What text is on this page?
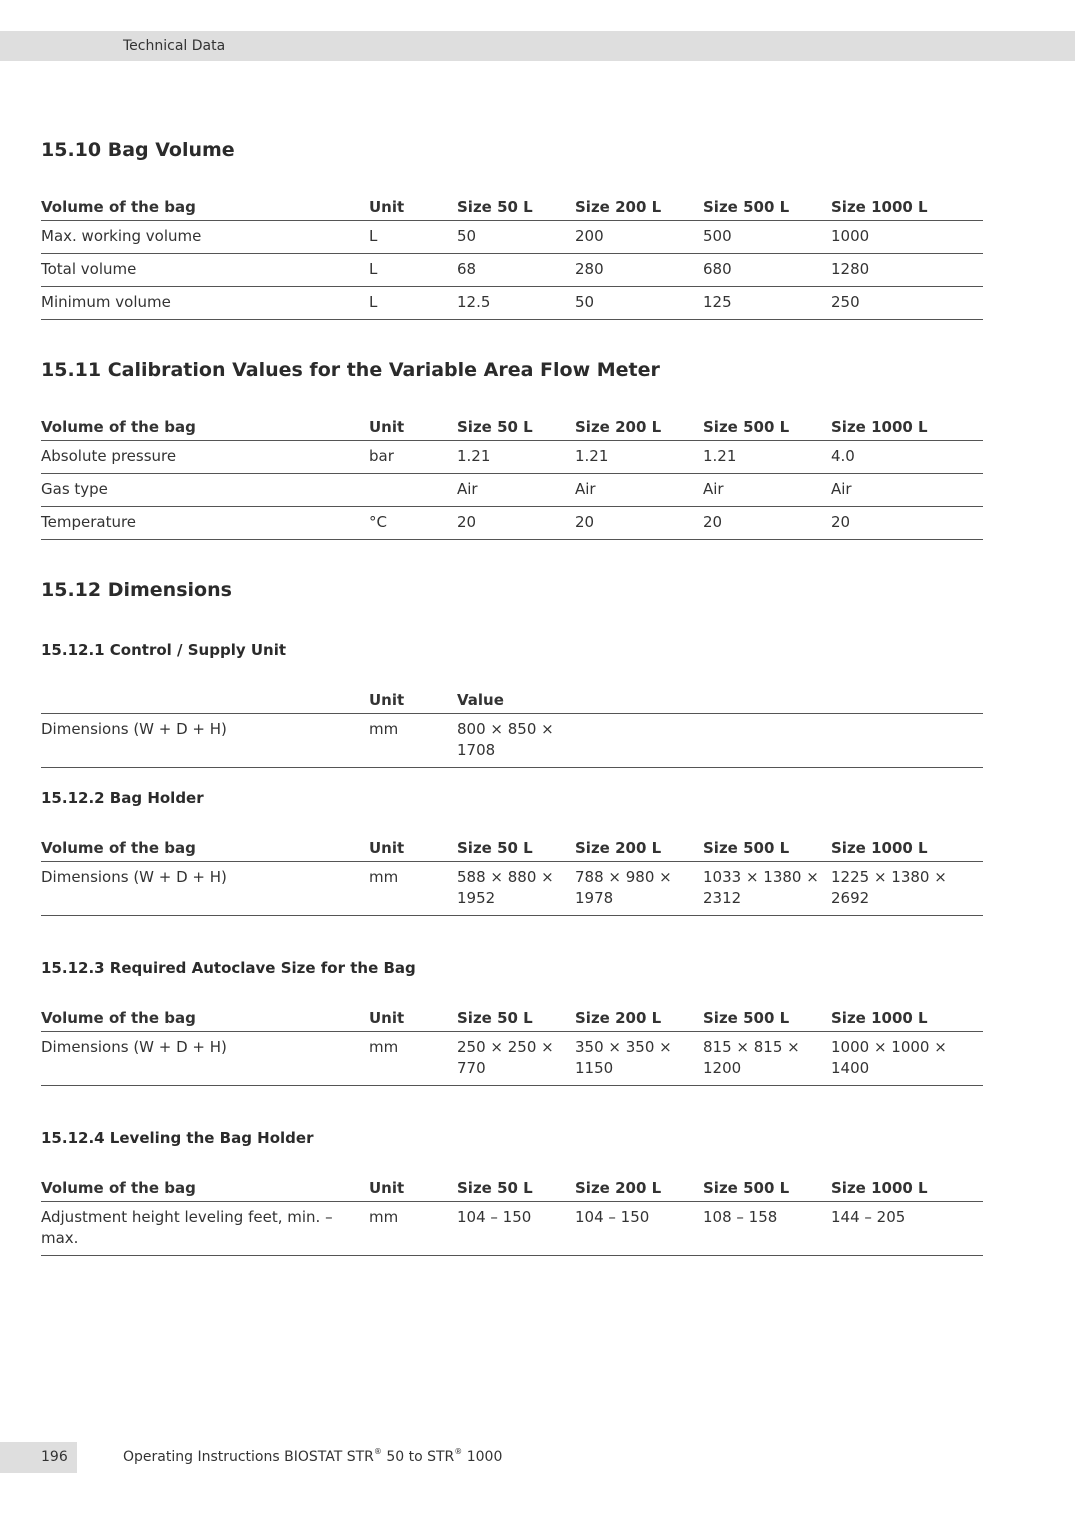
Technical Data
15.10 Bag Volume
Volume of the bag	Unit	Size 50 L	Size 200 L	Size 500 L	Size 1000 L
Max. working volume	L	50	200	500	1000
Total volume	L	68	280	680	1280
Minimum volume	L	12.5	50	125	250
15.11 Calibration Values for the Variable Area Flow Meter
Volume of the bag	Unit	Size 50 L	Size 200 L	Size 500 L	Size 1000 L
Absolute pressure	bar	1.21	1.21	1.21	4.0
Gas type		Air	Air	Air	Air
Temperature	°C	20	20	20	20
15.12 Dimensions
15.12.1 Control / Supply Unit
	Unit	Value			
Dimensions (W + D + H)	mm	800 × 850 × 1708			
15.12.2 Bag Holder
Volume of the bag	Unit	Size 50 L	Size 200 L	Size 500 L	Size 1000 L
Dimensions (W + D + H)	mm	588 × 880 × 1952	788 × 980 × 1978	1033 × 1380 × 2312	1225 × 1380 × 2692
15.12.3 Required Autoclave Size for the Bag
Volume of the bag	Unit	Size 50 L	Size 200 L	Size 500 L	Size 1000 L
Dimensions (W + D + H)	mm	250 × 250 × 770	350 × 350 × 1150	815 × 815 × 1200	1000 × 1000 × 1400
15.12.4 Leveling the Bag Holder
Volume of the bag	Unit	Size 50 L	Size 200 L	Size 500 L	Size 1000 L
Adjustment height leveling feet, min. – max.	mm	104 – 150	104 – 150	108 – 158	144 – 205
196	Operating Instructions BIOSTAT STR® 50 to STR® 1000
